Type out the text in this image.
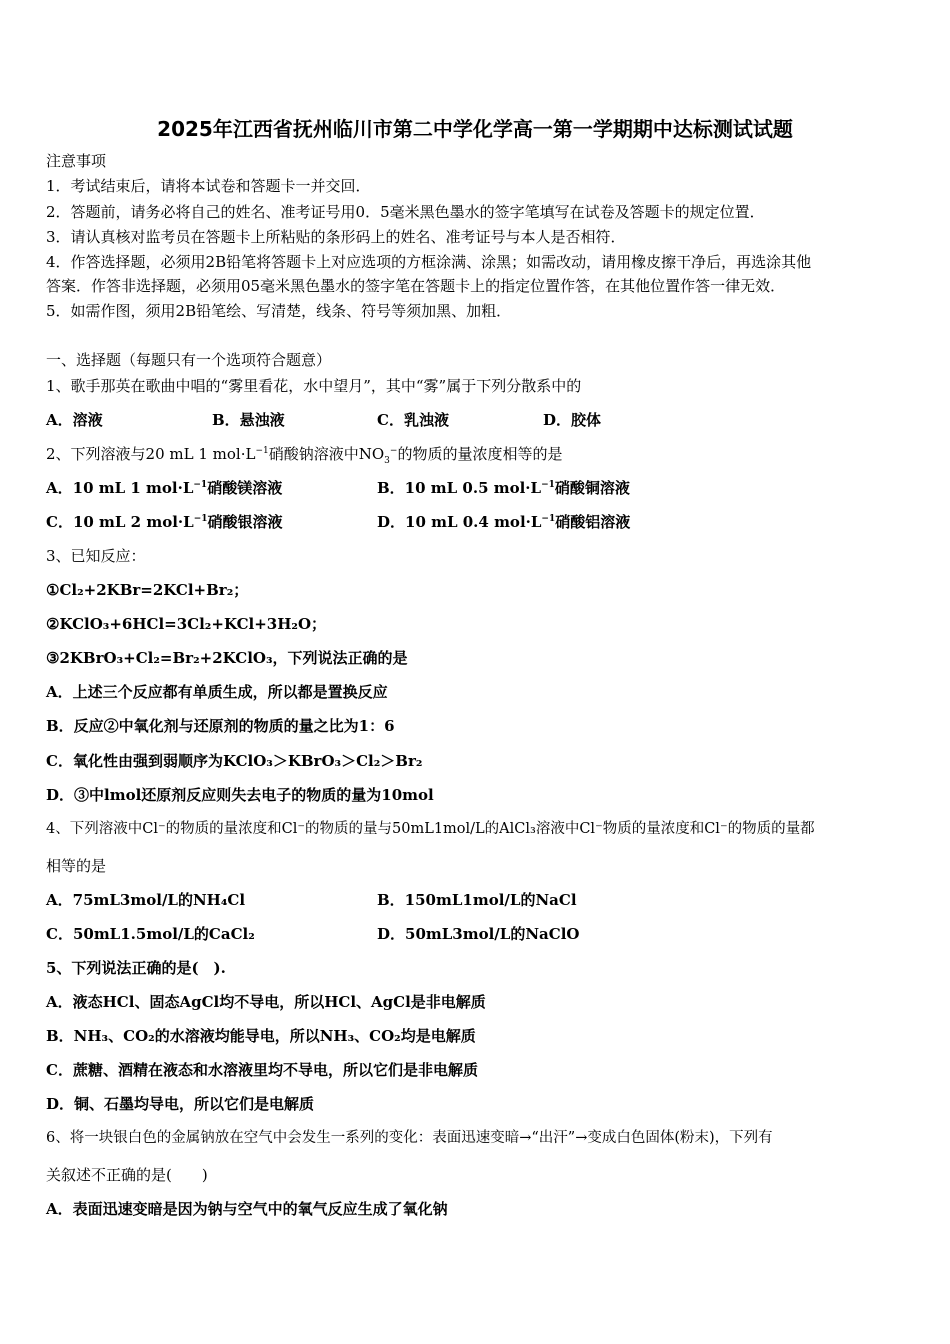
2025年江西省抚州临川市第二中学化学高一第一学期期中达标测试试题
注意事项
1．考试结束后，请将本试卷和答题卡一并交回．
2．答题前，请务必将自己的姓名、准考证号用0．5毫米黑色墨水的签字笔填写在试卷及答题卡的规定位置．
3．请认真核对监考员在答题卡上所粘贴的条形码上的姓名、准考证号与本人是否相符．
4．作答选择题，必须用2B铅笔将答题卡上对应选项的方框涂满、涂黑；如需改动，请用橡皮擦干净后，再选涂其他
答案．作答非选择题，必须用05毫米黑色墨水的签字笔在答题卡上的指定位置作答，在其他位置作答一律无效．
5．如需作图，须用2B铅笔绘、写清楚，线条、符号等须加黑、加粗．
一、选择题（每题只有一个选项符合题意）
1、歌手那英在歌曲中唱的“雾里看花，水中望月”，其中“雾”属于下列分散系中的
A．溶液	B．悬浊液	C．乳浊液	D．胶体
2、下列溶液与20 mL 1 $mol\cdot L^{-1}$硝酸钠溶液中$NO_3^-$的物质的量浓度相等的是
A．10 mL 1 $mol\cdot L^{-1}$硝酸镁溶液	B．10 mL 0.5 $mol\cdot L^{-1}$硝酸铜溶液
C．10 mL 2 $mol\cdot L^{-1}$硝酸银溶液	D．10 mL 0.4 $mol\cdot L^{-1}$硝酸铝溶液
3、已知反应：
①Cl₂+2KBr=2KCl+Br₂；
②KClO₃+6HCl=3Cl₂+KCl+3H₂O；
③2KBrO₃+Cl₂=Br₂+2KClO₃，下列说法正确的是
A．上述三个反应都有单质生成，所以都是置换反应
B．反应②中氧化剂与还原剂的物质的量之比为1：6
C．氧化性由强到弱顺序为KClO₃＞KBrO₃＞Cl₂＞Br₂
D．③中lmol还原剂反应则失去电子的物质的量为10mol
4、下列溶液中Cl⁻的物质的量浓度和Cl⁻的物质的量与50mL1mol/L的AlCl₃溶液中Cl⁻物质的量浓度和Cl⁻的物质的量都
相等的是
A．75mL3mol/L的NH₄Cl	B．150mL1mol/L的NaCl
C．50mL1.5mol/L的CaCl₂	D．50mL3mol/L的NaClO
5、下列说法正确的是(　).
A．液态HCl、固态AgCl均不导电，所以HCl、AgCl是非电解质
B．NH₃、CO₂的水溶液均能导电，所以NH₃、CO₂均是电解质
C．蔗糖、酒精在液态和水溶液里均不导电，所以它们是非电解质
D．铜、石墨均导电，所以它们是电解质
6、将一块银白色的金属钠放在空气中会发生一系列的变化：表面迅速变暗→“出汗”→变成白色固体(粉末)，下列有
关叙述不正确的是(　　)
A．表面迅速变暗是因为钠与空气中的氧气反应生成了氧化钠
